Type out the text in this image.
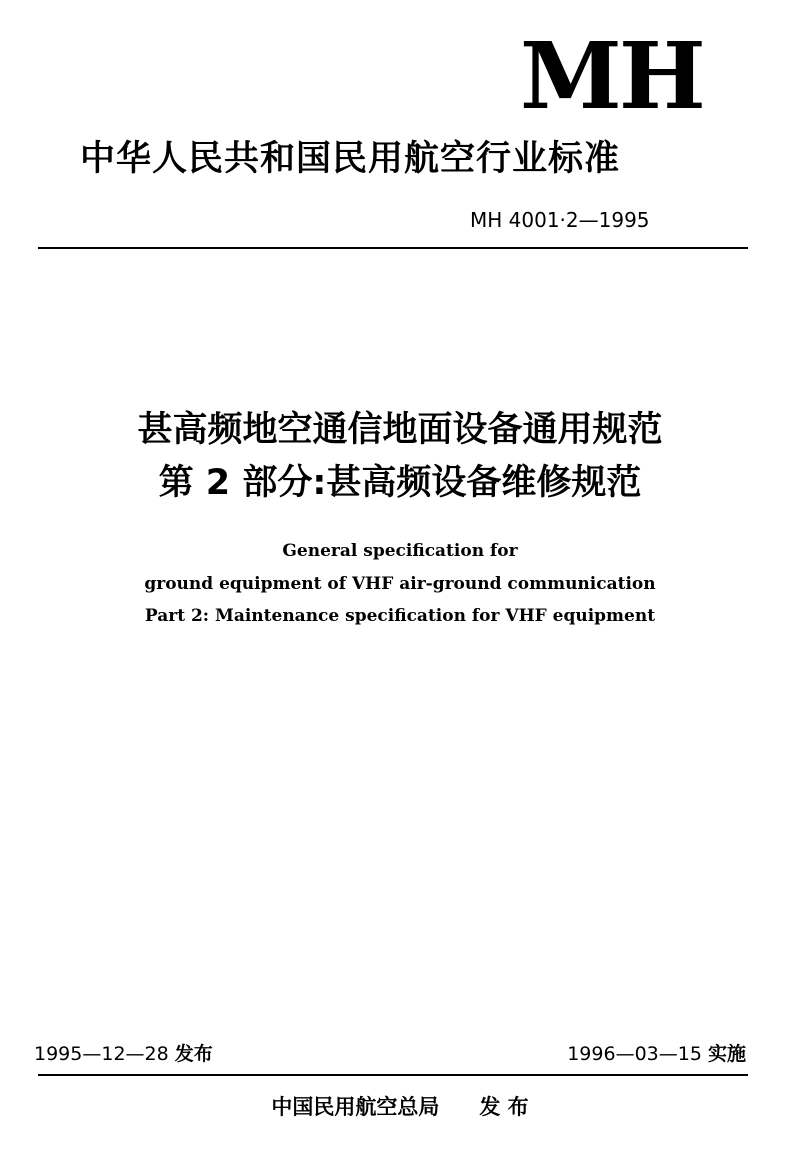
MH
中华人民共和国民用航空行业标准
MH 4001·2—1995
甚高频地空通信地面设备通用规范
第 2 部分:甚高频设备维修规范
General specification for
ground equipment of VHF air-ground communication
Part 2: Maintenance specification for VHF equipment
1995—12—28 发布	1996—03—15 实施
中国民用航空总局 发 布
